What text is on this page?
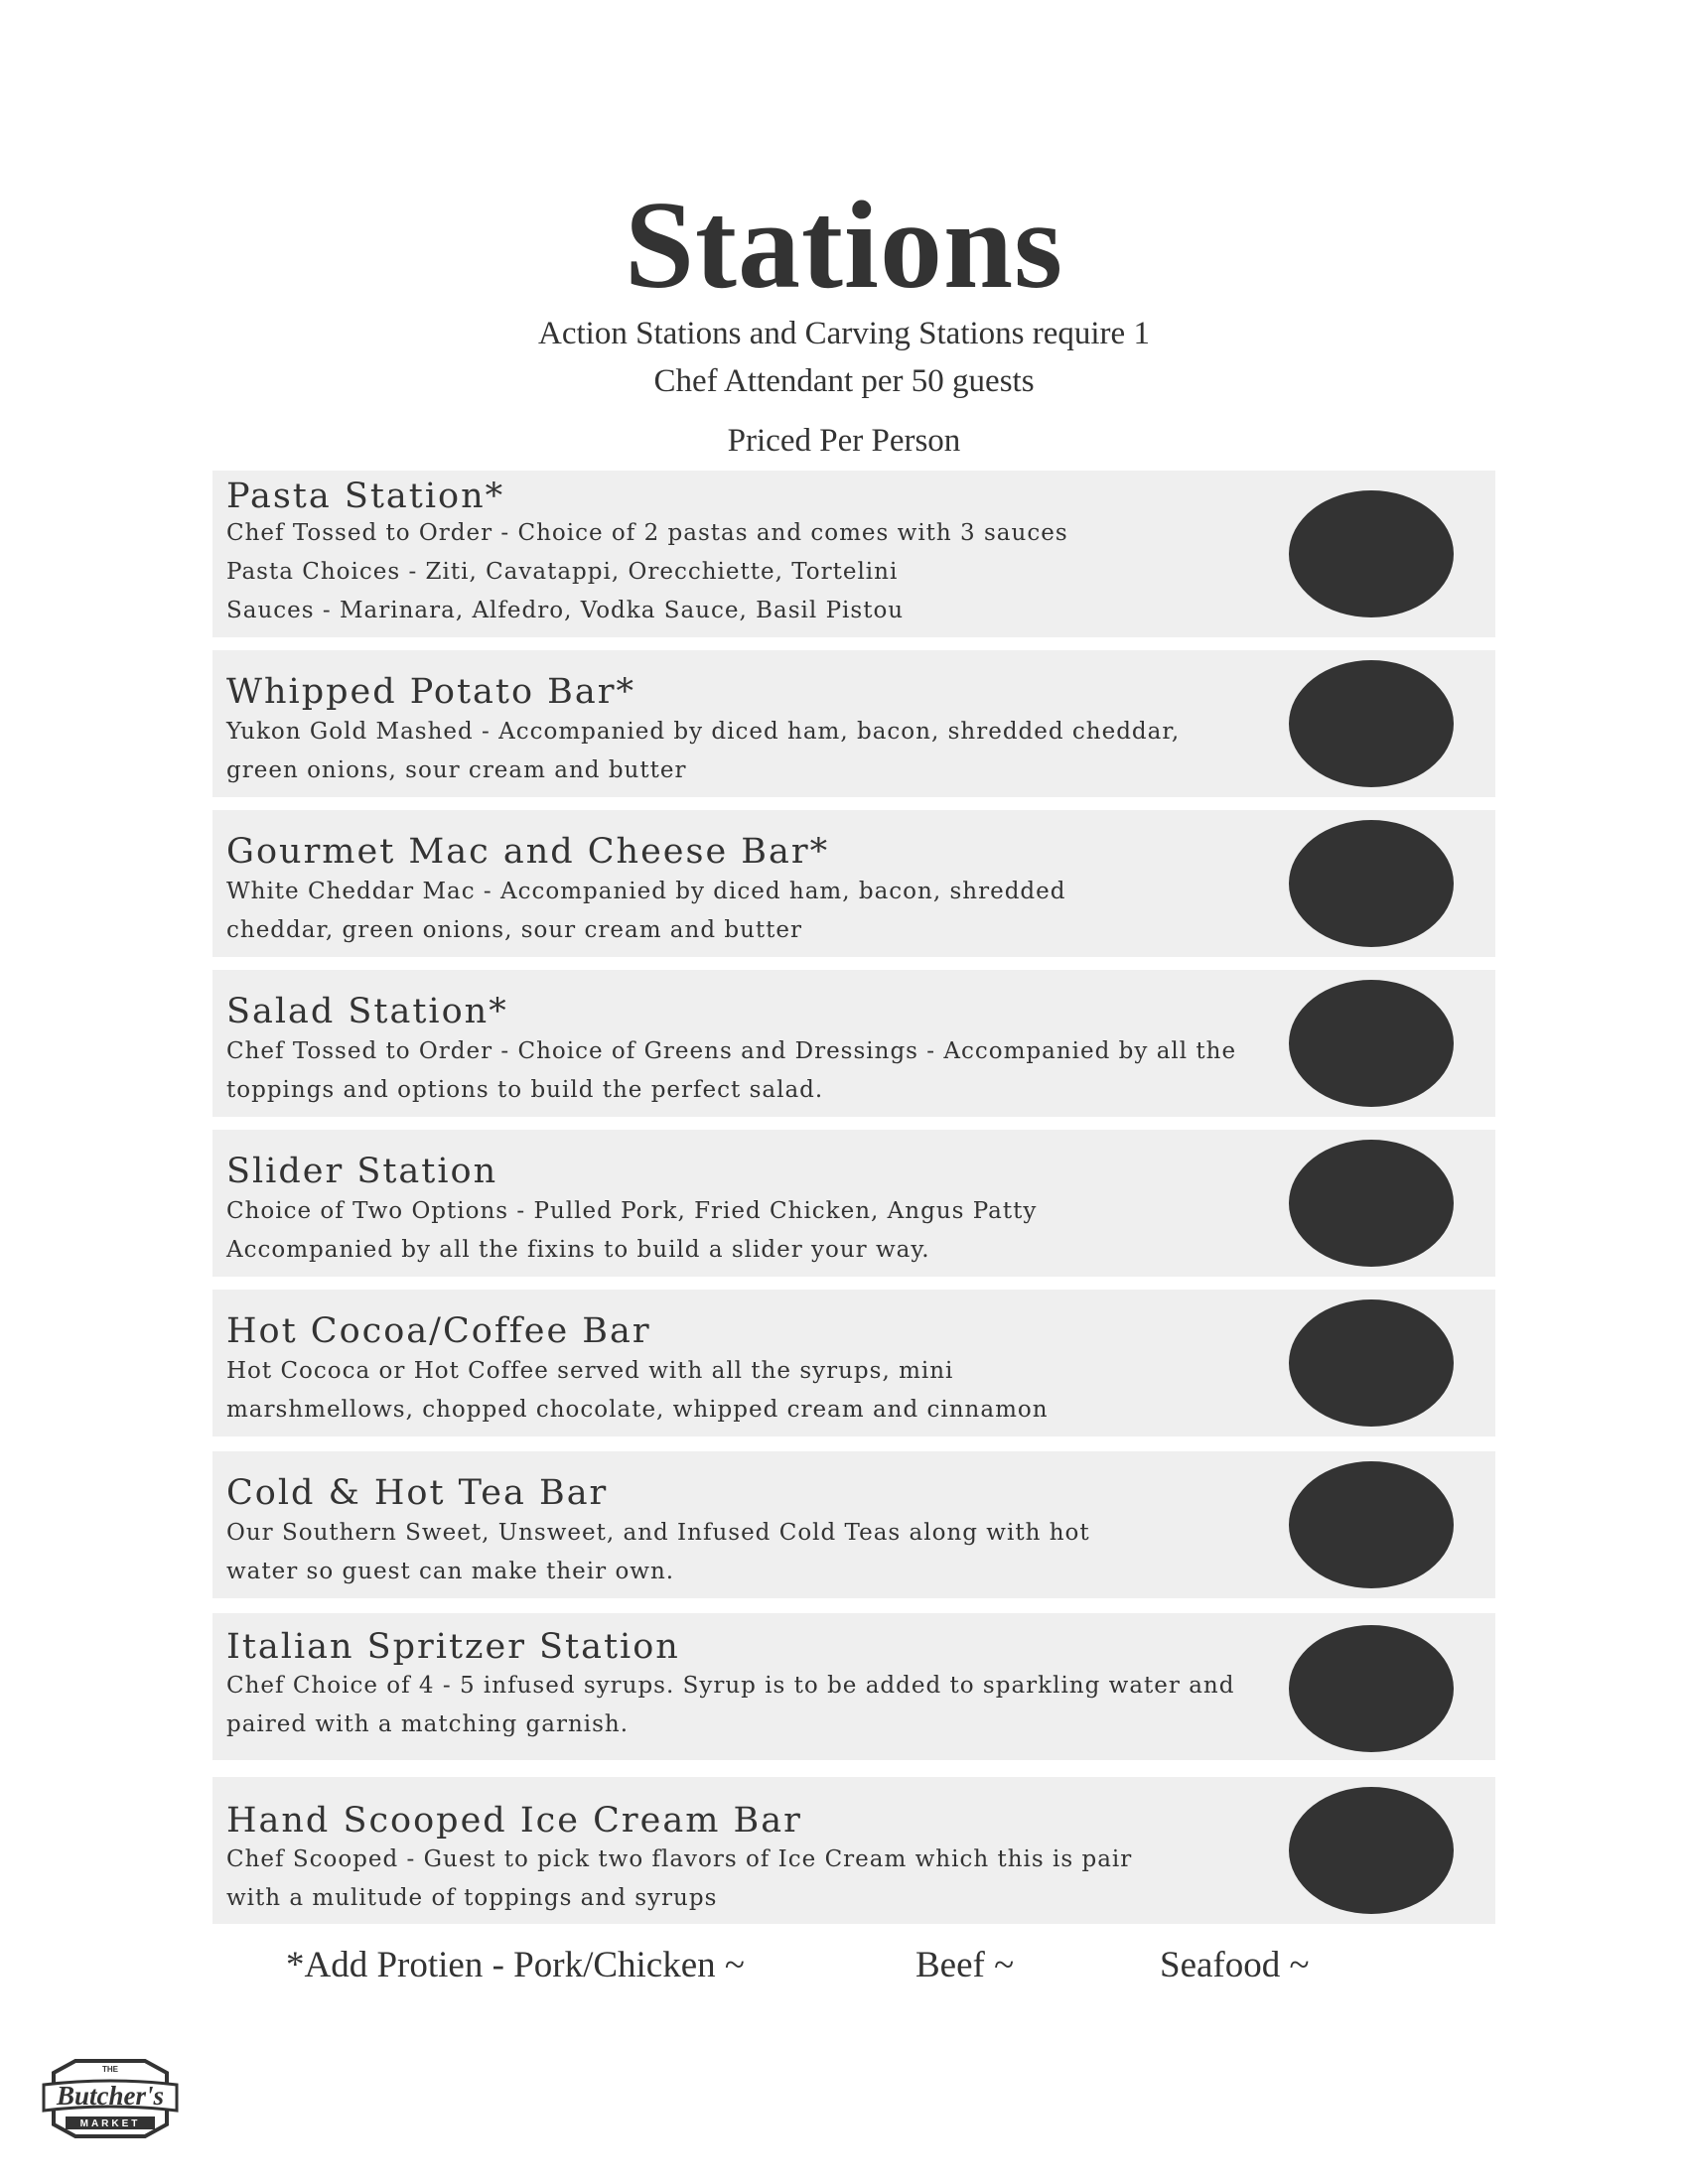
Stations
Action Stations and Carving Stations require 1
Chef Attendant per 50 guests
Priced Per Person
Pasta Station*
Chef Tossed to Order - Choice of 2 pastas and comes with 3 sauces
Pasta Choices - Ziti, Cavatappi, Orecchiette, Tortelini
Sauces - Marinara, Alfedro, Vodka Sauce, Basil Pistou
Whipped Potato Bar*
Yukon Gold Mashed - Accompanied by diced ham, bacon, shredded cheddar,
green onions, sour cream and butter
Gourmet Mac and Cheese Bar*
White Cheddar Mac - Accompanied by diced ham, bacon, shredded
cheddar, green onions, sour cream and butter
Salad Station*
Chef Tossed to Order - Choice of Greens and Dressings - Accompanied by all the
toppings and options to build the perfect salad.
Slider Station
Choice of Two Options - Pulled Pork, Fried Chicken, Angus Patty
Accompanied by all the fixins to build a slider your way.
Hot Cocoa/Coffee Bar
Hot Cococa or Hot Coffee served with all the syrups, mini
marshmellows, chopped chocolate, whipped cream and cinnamon
Cold & Hot Tea Bar
Our Southern Sweet, Unsweet, and Infused Cold Teas along with hot
water so guest can make their own.
Italian Spritzer Station
Chef Choice of 4 - 5 infused syrups. Syrup is to be added to sparkling water and
paired with a matching garnish.
Hand Scooped Ice Cream Bar
Chef Scooped - Guest to pick two flavors of Ice Cream which this is pair
with a mulitude of toppings and syrups
*Add Protien - Pork/Chicken ~	Beef ~	Seafood ~
THE
Butcher's
MARKET
